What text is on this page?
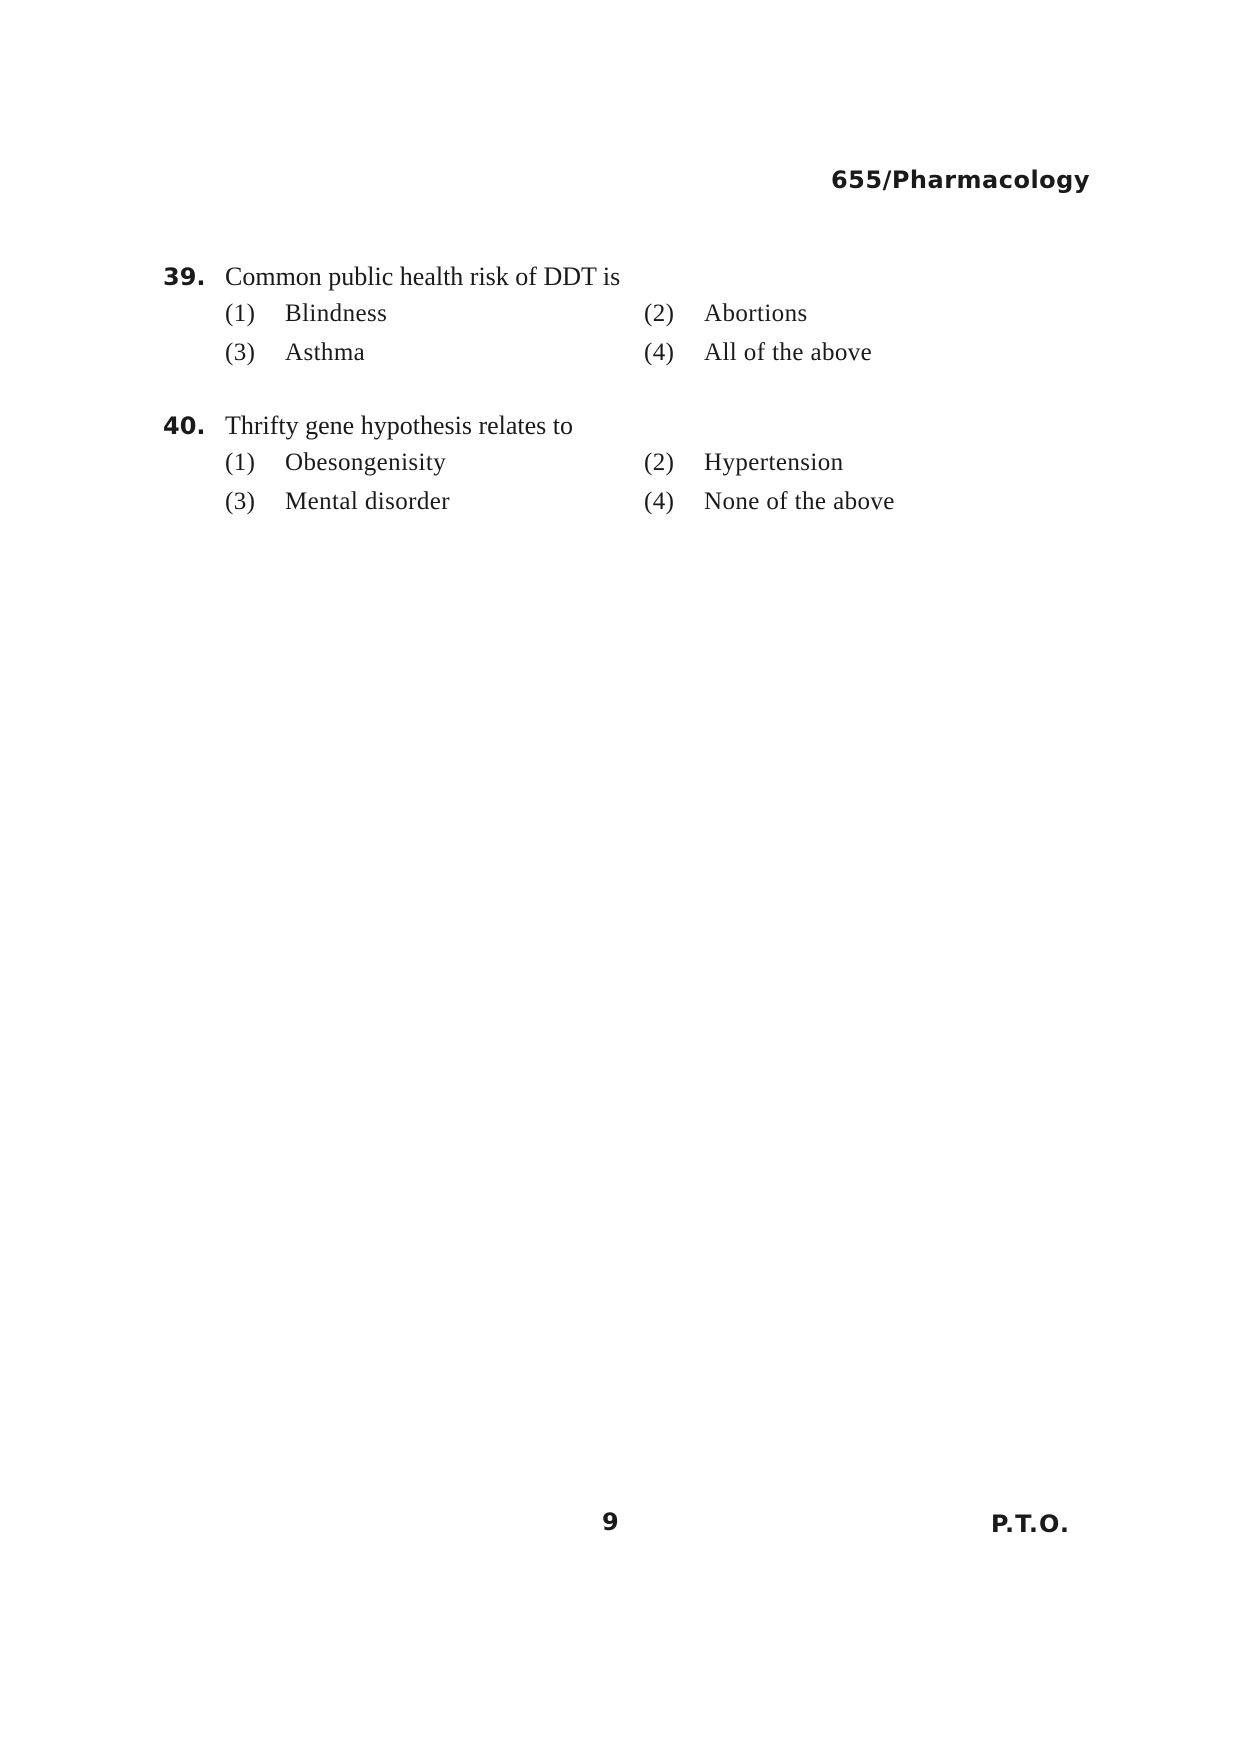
655/Pharmacology
39. Common public health risk of DDT is
(1)	Blindness	(2)	Abortions
(3)	Asthma	(4)	All of the above
40. Thrifty gene hypothesis relates to
(1)	Obesongenisity	(2)	Hypertension
(3)	Mental disorder	(4)	None of the above
9	P.T.O.
